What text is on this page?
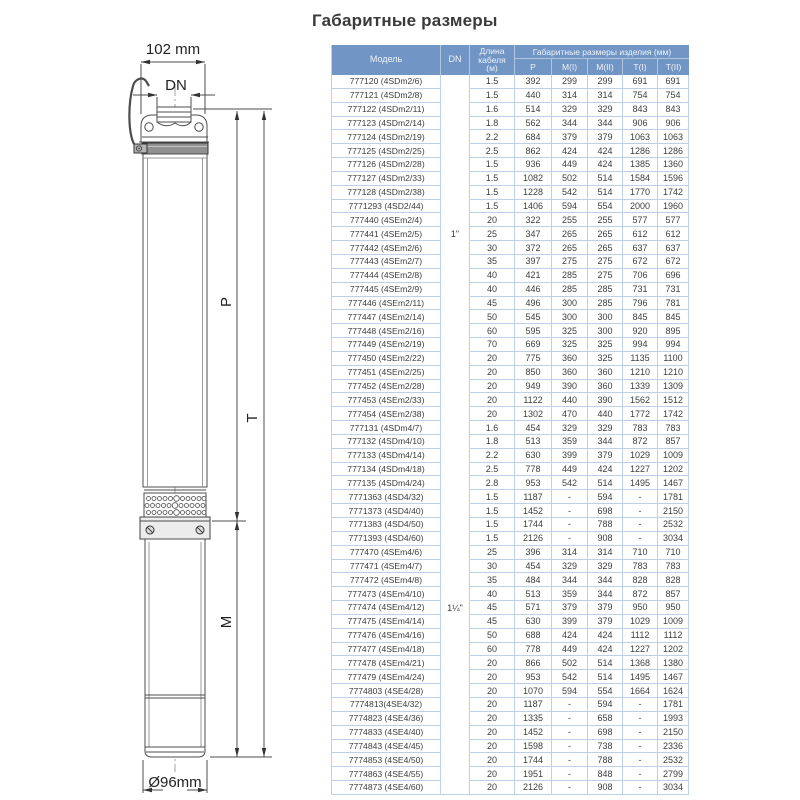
Габаритные размеры
102 mm
DN
P
T
M
Ø96mm
Модель	DN
Длина кабеля (м)
Габаритные размеры изделия (мм)
P	M(I)	M(II)	T(I)	T(II)
777120 (4SDm2/6)	1.5	392	299	299	691	691
777121 (4SDm2/8)	1.5	440	314	314	754	754
777122 (4SDm2/11)	1.6	514	329	329	843	843
777123 (4SDm2/14)	1.8	562	344	344	906	906
777124 (4SDm2/19)	2.2	684	379	379	1063	1063
777125 (4SDm2/25)	2.5	862	424	424	1286	1286
777126 (4SDm2/28)	1.5	936	449	424	1385	1360
777127 (4SDm2/33)	1.5	1082	502	514	1584	1596
777128 (4SDm2/38)	1.5	1228	542	514	1770	1742
7771293 (4SD2/44)	1.5	1406	594	554	2000	1960
777440 (4SEm2/4)	20	322	255	255	577	577
777441 (4SEm2/5)	1"	25	347	265	265	612	612
777442 (4SEm2/6)	30	372	265	265	637	637
777443 (4SEm2/7)	35	397	275	275	672	672
777444 (4SEm2/8)	40	421	285	275	706	696
777445 (4SEm2/9)	40	446	285	285	731	731
777446 (4SEm2/11)	45	496	300	285	796	781
777447 (4SEm2/14)	50	545	300	300	845	845
777448 (4SEm2/16)	60	595	325	300	920	895
777449 (4SEm2/19)	70	669	325	325	994	994
777450 (4SEm2/22)	20	775	360	325	1135	1100
777451 (4SEm2/25)	20	850	360	360	1210	1210
777452 (4SEm2/28)	20	949	390	360	1339	1309
777453 (4SEm2/33)	20	1122	440	390	1562	1512
777454 (4SEm2/38)	20	1302	470	440	1772	1742
777131 (4SDm4/7)	1.6	454	329	329	783	783
777132 (4SDm4/10)	1.8	513	359	344	872	857
777133 (4SDm4/14)	2.2	630	399	379	1029	1009
777134 (4SDm4/18)	2.5	778	449	424	1227	1202
777135 (4SDm4/24)	2.8	953	542	514	1495	1467
7771363 (4SD4/32)	1.5	1187	-	594	-	1781
7771373 (4SD4/40)	1.5	1452	-	698	-	2150
7771383 (4SD4/50)	1.5	1744	-	788	-	2532
7771393 (4SD4/60)	1.5	2126	-	908	-	3034
777470 (4SEm4/6)	25	396	314	314	710	710
777471 (4SEm4/7)	30	454	329	329	783	783
777472 (4SEm4/8)	35	484	344	344	828	828
777473 (4SEm4/10)	40	513	359	344	872	857
777474 (4SEm4/12)	1¼"	45	571	379	379	950	950
777475 (4SEm4/14)	45	630	399	379	1029	1009
777476 (4SEm4/16)	50	688	424	424	1112	1112
777477 (4SEm4/18)	60	778	449	424	1227	1202
777478 (4SEm4/21)	20	866	502	514	1368	1380
777479 (4SEm4/24)	20	953	542	514	1495	1467
7774803 (4SE4/28)	20	1070	594	554	1664	1624
7774813(4SE4/32)	20	1187	-	594	-	1781
7774823 (4SE4/36)	20	1335	-	658	-	1993
7774833 (4SE4/40)	20	1452	-	698	-	2150
7774843 (4SE4/45)	20	1598	-	738	-	2336
7774853 (4SE4/50)	20	1744	-	788	-	2532
7774863 (4SE4/55)	20	1951	-	848	-	2799
7774873 (4SE4/60)	20	2126	-	908	-	3034
